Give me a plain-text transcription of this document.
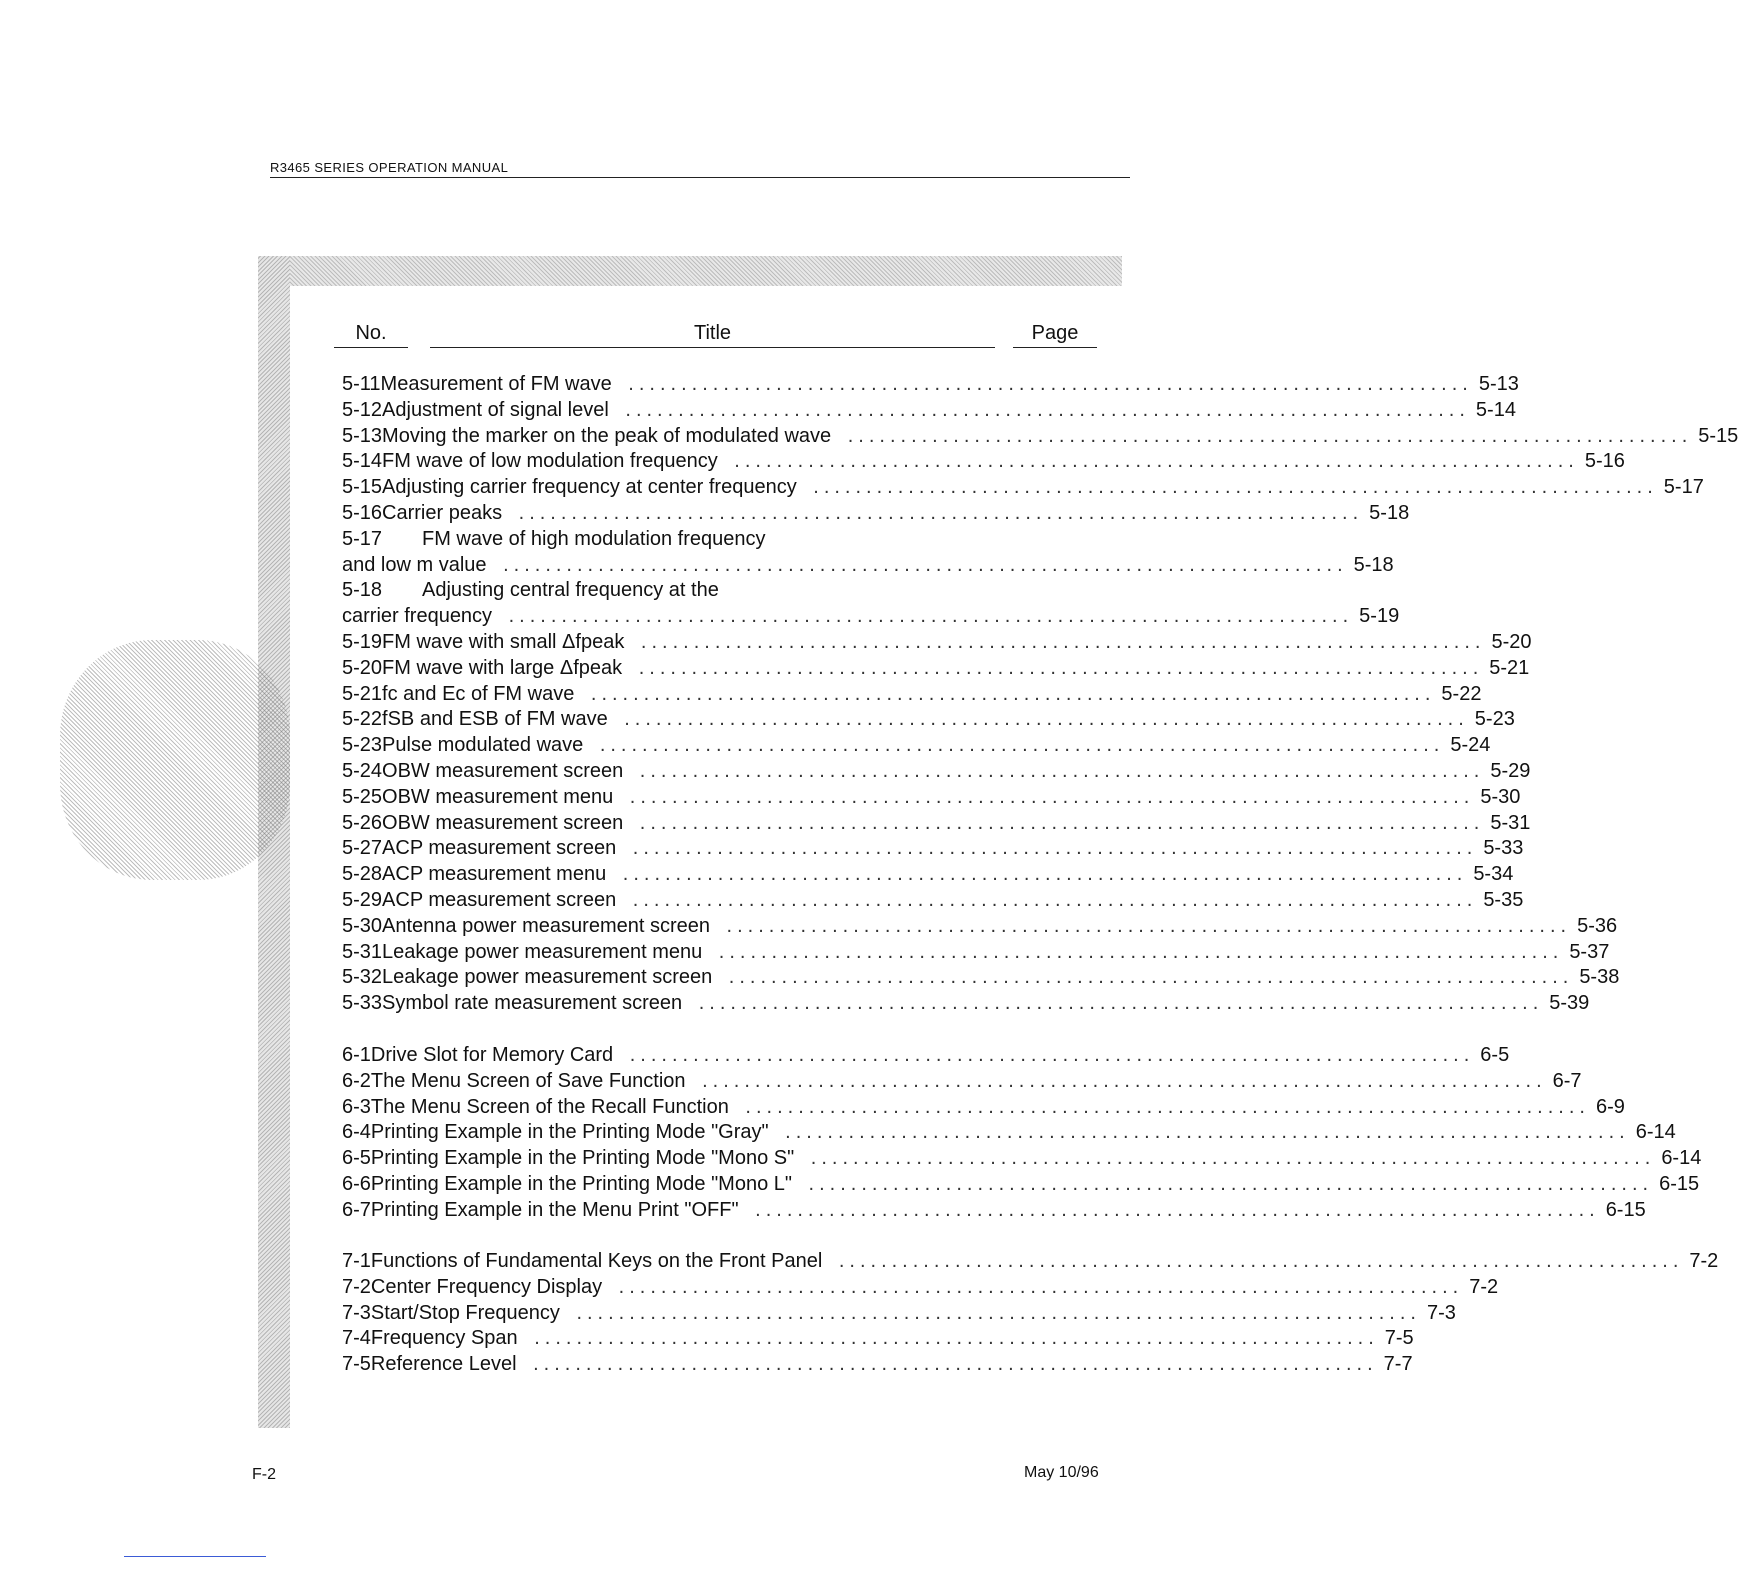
R3465 SERIES OPERATION MANUAL
No.	Title	Page
5-11 Measurement of FM wave ................................................................................ 5-13
5-12 Adjustment of signal level ................................................................................ 5-14
5-13 Moving the marker on the peak of modulated wave ................................................................................ 5-15
5-14 FM wave of low modulation frequency ................................................................................ 5-16
5-15 Adjusting carrier frequency at center frequency ................................................................................ 5-17
5-16 Carrier peaks ................................................................................ 5-18
5-17	FM wave of high modulation frequency
and low m value ................................................................................ 5-18
5-18	Adjusting central frequency at the
carrier frequency ................................................................................ 5-19
5-19 FM wave with small Δfpeak ................................................................................ 5-20
5-20 FM wave with large Δfpeak ................................................................................ 5-21
5-21 fc and Ec of FM wave ................................................................................ 5-22
5-22 fSB and ESB of FM wave ................................................................................ 5-23
5-23 Pulse modulated wave ................................................................................ 5-24
5-24 OBW measurement screen ................................................................................ 5-29
5-25 OBW measurement menu ................................................................................ 5-30
5-26 OBW measurement screen ................................................................................ 5-31
5-27 ACP measurement screen ................................................................................ 5-33
5-28 ACP measurement menu ................................................................................ 5-34
5-29 ACP measurement screen ................................................................................ 5-35
5-30 Antenna power measurement screen ................................................................................ 5-36
5-31 Leakage power measurement menu ................................................................................ 5-37
5-32 Leakage power measurement screen ................................................................................ 5-38
5-33 Symbol rate measurement screen ................................................................................ 5-39
6-1 Drive Slot for Memory Card ................................................................................ 6-5
6-2 The Menu Screen of Save Function ................................................................................ 6-7
6-3 The Menu Screen of the Recall Function ................................................................................ 6-9
6-4 Printing Example in the Printing Mode "Gray" ................................................................................ 6-14
6-5 Printing Example in the Printing Mode "Mono S" ................................................................................ 6-14
6-6 Printing Example in the Printing Mode "Mono L" ................................................................................ 6-15
6-7 Printing Example in the Menu Print "OFF" ................................................................................ 6-15
7-1 Functions of Fundamental Keys on the Front Panel ................................................................................ 7-2
7-2 Center Frequency Display ................................................................................ 7-2
7-3 Start/Stop Frequency ................................................................................ 7-3
7-4 Frequency Span ................................................................................ 7-5
7-5 Reference Level ................................................................................ 7-7
F-2	May 10/96
